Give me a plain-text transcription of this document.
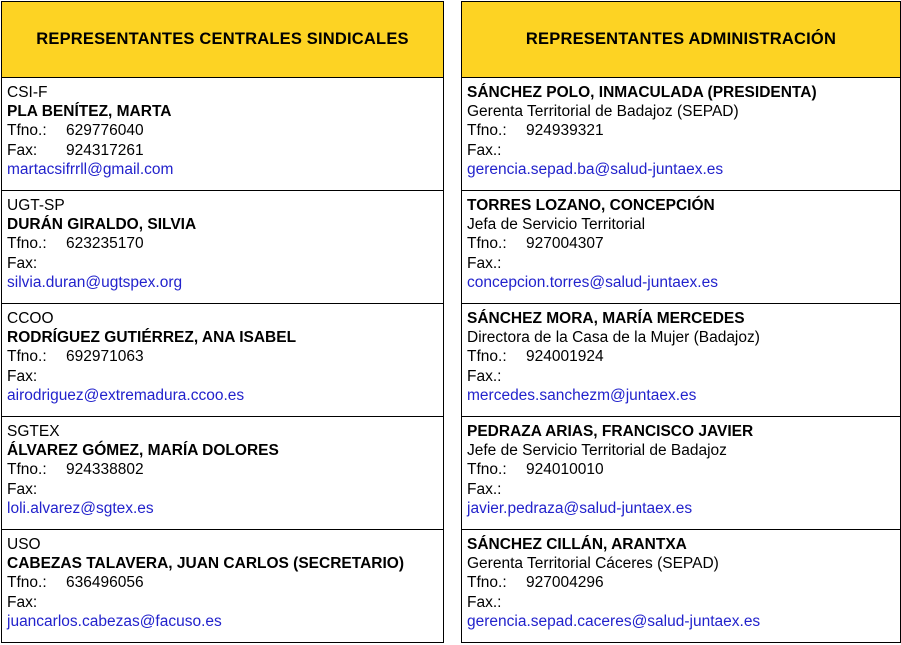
REPRESENTANTES CENTRALES SINDICALES
CSI-F
PLA BENÍTEZ, MARTA
Tfno.: 629776040
Fax: 924317261
martacsifrrll@gmail.com
UGT-SP
DURÁN GIRALDO, SILVIA
Tfno.: 623235170
Fax:
silvia.duran@ugtspex.org
CCOO
RODRÍGUEZ GUTIÉRREZ, ANA ISABEL
Tfno.: 692971063
Fax:
airodriguez@extremadura.ccoo.es
SGTEX
ÁLVAREZ GÓMEZ, MARÍA DOLORES
Tfno.: 924338802
Fax:
loli.alvarez@sgtex.es
USO
CABEZAS TALAVERA, JUAN CARLOS (SECRETARIO)
Tfno.: 636496056
Fax:
juancarlos.cabezas@facuso.es
REPRESENTANTES ADMINISTRACIÓN
SÁNCHEZ POLO, INMACULADA (PRESIDENTA)
Gerenta Territorial de Badajoz (SEPAD)
Tfno.: 924939321
Fax.:
gerencia.sepad.ba@salud-juntaex.es
TORRES LOZANO, CONCEPCIÓN
Jefa de Servicio Territorial
Tfno.: 927004307
Fax.:
concepcion.torres@salud-juntaex.es
SÁNCHEZ MORA, MARÍA MERCEDES
Directora de la Casa de la Mujer (Badajoz)
Tfno.: 924001924
Fax.:
mercedes.sanchezm@juntaex.es
PEDRAZA ARIAS, FRANCISCO JAVIER
Jefe de Servicio Territorial de Badajoz
Tfno.: 924010010
Fax.:
javier.pedraza@salud-juntaex.es
SÁNCHEZ CILLÁN, ARANTXA
Gerenta Territorial Cáceres (SEPAD)
Tfno.: 927004296
Fax.:
gerencia.sepad.caceres@salud-juntaex.es
